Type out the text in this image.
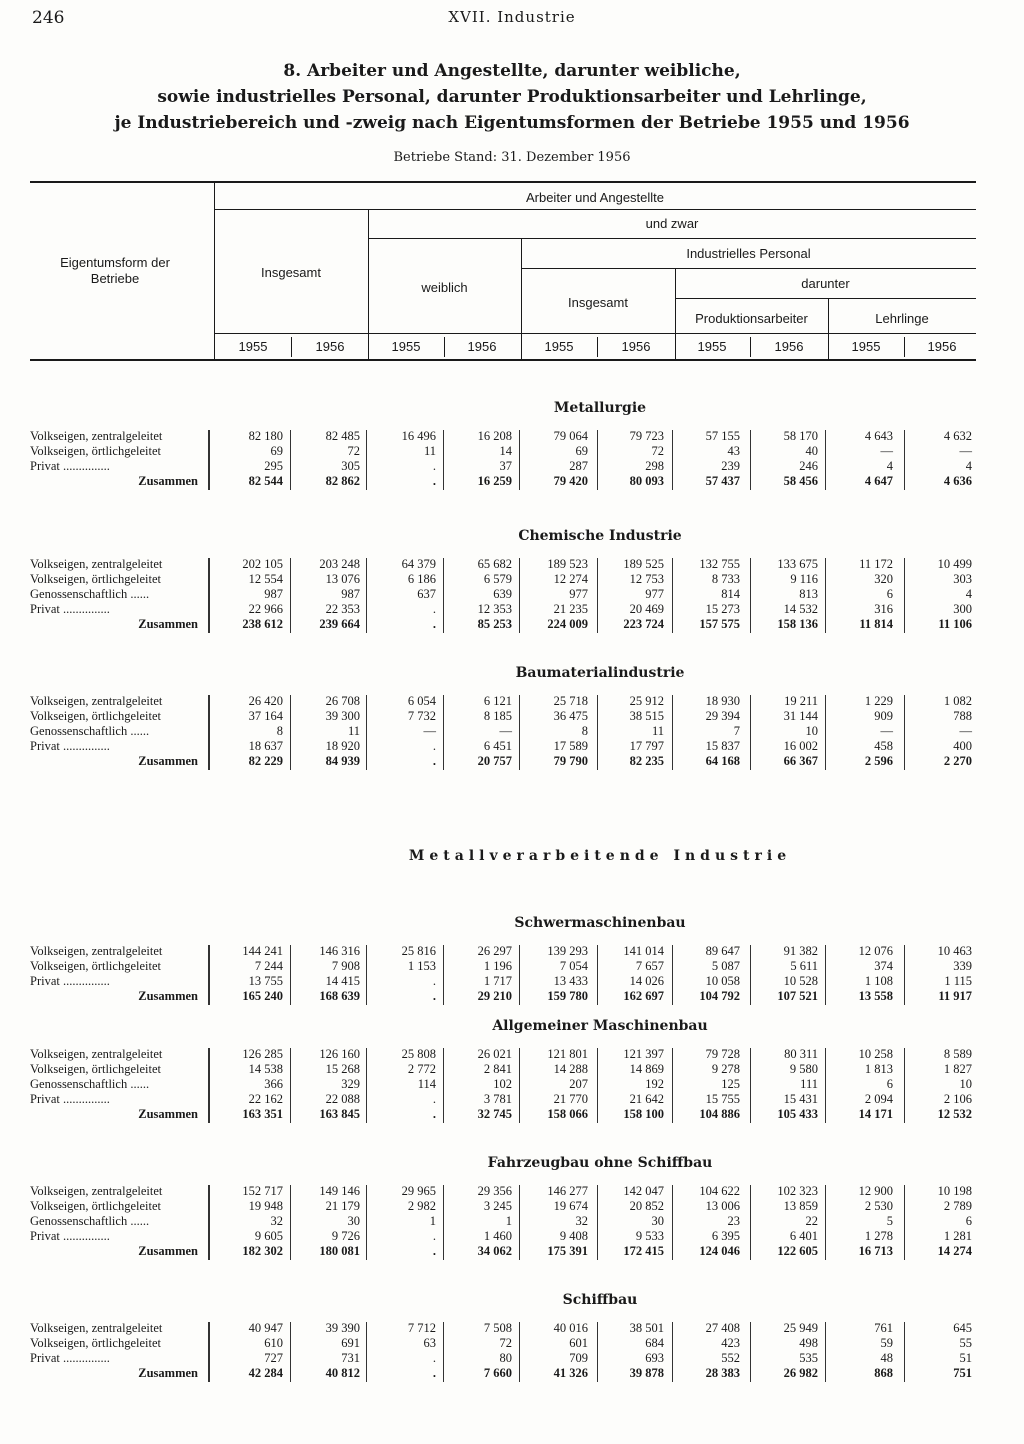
246	XVII. Industrie
8. Arbeiter und Angestellte, darunter weibliche,
sowie industrielles Personal, darunter Produktionsarbeiter und Lehrlinge,
je Industriebereich und -zweig nach Eigentumsformen der Betriebe 1955 und 1956
Betriebe Stand: 31. Dezember 1956
Eigentumsform der Betriebe
Arbeiter und Angestellte
und zwar
Insgesamt
weiblich
Industrielles Personal
Insgesamt
darunter
Produktionsarbeiter	Lehrlinge
1955	1956	1955	1956	1955	1956	1955	1956	1955	1956
Metallurgie
Volkseigen, zentralgeleitet	82 180	82 485	16 496	16 208	79 064	79 723	57 155	58 170	4 643	4 632
Volkseigen, örtlichgeleitet	69	72	11	14	69	72	43	40	—	—
Privat ...............	295	305	.	37	287	298	239	246	4	4
Zusammen	82 544	82 862	.	16 259	79 420	80 093	57 437	58 456	4 647	4 636
Chemische Industrie
Volkseigen, zentralgeleitet	202 105	203 248	64 379	65 682	189 523	189 525	132 755	133 675	11 172	10 499
Volkseigen, örtlichgeleitet	12 554	13 076	6 186	6 579	12 274	12 753	8 733	9 116	320	303
Genossenschaftlich ......	987	987	637	639	977	977	814	813	6	4
Privat ...............	22 966	22 353	.	12 353	21 235	20 469	15 273	14 532	316	300
Zusammen	238 612	239 664	.	85 253	224 009	223 724	157 575	158 136	11 814	11 106
Baumaterialindustrie
Volkseigen, zentralgeleitet	26 420	26 708	6 054	6 121	25 718	25 912	18 930	19 211	1 229	1 082
Volkseigen, örtlichgeleitet	37 164	39 300	7 732	8 185	36 475	38 515	29 394	31 144	909	788
Genossenschaftlich ......	8	11	—	—	8	11	7	10	—	—
Privat ...............	18 637	18 920	.	6 451	17 589	17 797	15 837	16 002	458	400
Zusammen	82 229	84 939	.	20 757	79 790	82 235	64 168	66 367	2 596	2 270
Metallverarbeitende Industrie
Schwermaschinenbau
Volkseigen, zentralgeleitet	144 241	146 316	25 816	26 297	139 293	141 014	89 647	91 382	12 076	10 463
Volkseigen, örtlichgeleitet	7 244	7 908	1 153	1 196	7 054	7 657	5 087	5 611	374	339
Privat ...............	13 755	14 415	.	1 717	13 433	14 026	10 058	10 528	1 108	1 115
Zusammen	165 240	168 639	.	29 210	159 780	162 697	104 792	107 521	13 558	11 917
Allgemeiner Maschinenbau
Volkseigen, zentralgeleitet	126 285	126 160	25 808	26 021	121 801	121 397	79 728	80 311	10 258	8 589
Volkseigen, örtlichgeleitet	14 538	15 268	2 772	2 841	14 288	14 869	9 278	9 580	1 813	1 827
Genossenschaftlich ......	366	329	114	102	207	192	125	111	6	10
Privat ...............	22 162	22 088	.	3 781	21 770	21 642	15 755	15 431	2 094	2 106
Zusammen	163 351	163 845	.	32 745	158 066	158 100	104 886	105 433	14 171	12 532
Fahrzeugbau ohne Schiffbau
Volkseigen, zentralgeleitet	152 717	149 146	29 965	29 356	146 277	142 047	104 622	102 323	12 900	10 198
Volkseigen, örtlichgeleitet	19 948	21 179	2 982	3 245	19 674	20 852	13 006	13 859	2 530	2 789
Genossenschaftlich ......	32	30	1	1	32	30	23	22	5	6
Privat ...............	9 605	9 726	.	1 460	9 408	9 533	6 395	6 401	1 278	1 281
Zusammen	182 302	180 081	.	34 062	175 391	172 415	124 046	122 605	16 713	14 274
Schiffbau
Volkseigen, zentralgeleitet	40 947	39 390	7 712	7 508	40 016	38 501	27 408	25 949	761	645
Volkseigen, örtlichgeleitet	610	691	63	72	601	684	423	498	59	55
Privat ...............	727	731	.	80	709	693	552	535	48	51
Zusammen	42 284	40 812	.	7 660	41 326	39 878	28 383	26 982	868	751
